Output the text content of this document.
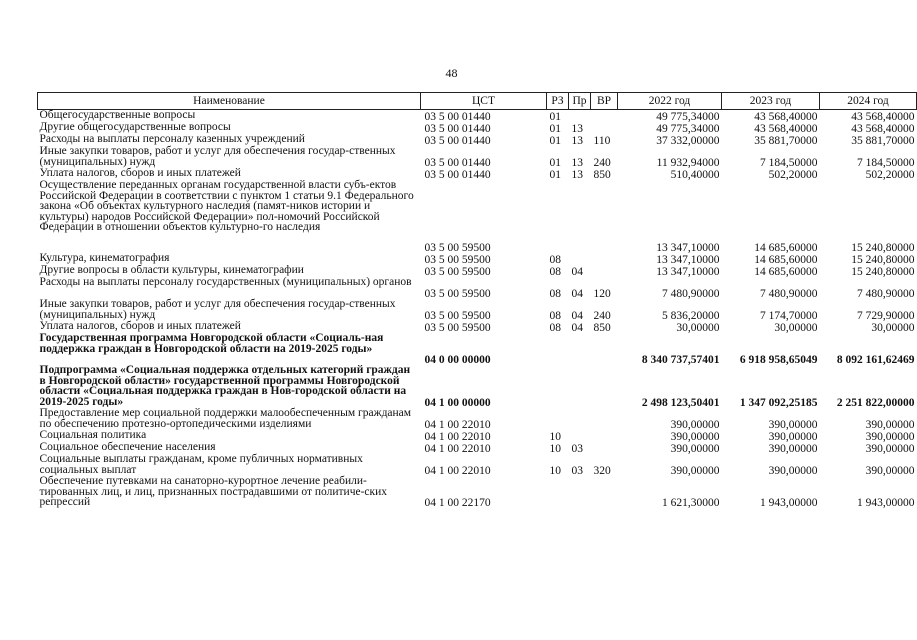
48
Наименование	ЦСТ	РЗ	Пр	ВР	2022 год	2023 год	2024 год

Общегосударственные вопросы	03 5 00 01440	01			49 775,34000	43 568,40000	43 568,40000

Другие общегосударственные вопросы	03 5 00 01440	01	13		49 775,34000	43 568,40000	43 568,40000

Расходы на выплаты персоналу казенных учреждений	03 5 00 01440	01	13	110	37 332,00000	35 881,70000	35 881,70000

Иные закупки товаров, работ и услуг для обеспечения государ-ственных (муниципальных) нужд	03 5 00 01440	01	13	240	11 932,94000	7 184,50000	7 184,50000

Уплата налогов, сборов и иных платежей	03 5 00 01440	01	13	850	510,40000	502,20000	502,20000

Осуществление переданных органам государственной власти субъ-ектов Российской Федерации в соответствии с пунктом 1 статьи 9.1 Федерального закона «Об объектах культурного наследия (памят-ников истории и культуры) народов Российской Федерации» пол-номочий Российской Федерации в отношении объектов культурно-го наследия	03 5 00 59500				13 347,10000	14 685,60000	15 240,80000

Культура, кинематография	03 5 00 59500	08			13 347,10000	14 685,60000	15 240,80000

Другие вопросы в области культуры, кинематографии	03 5 00 59500	08	04		13 347,10000	14 685,60000	15 240,80000

Расходы на выплаты персоналу государственных (муниципальных) органов	03 5 00 59500	08	04	120	7 480,90000	7 480,90000	7 480,90000

Иные закупки товаров, работ и услуг для обеспечения государ-ственных (муниципальных) нужд	03 5 00 59500	08	04	240	5 836,20000	7 174,70000	7 729,90000

Уплата налогов, сборов и иных платежей	03 5 00 59500	08	04	850	30,00000	30,00000	30,00000

Государственная программа Новгородской области «Социаль-ная поддержка граждан в Новгородской области на 2019-2025 годы»	04 0 00 00000				8 340 737,57401	6 918 958,65049	8 092 161,62469

Подпрограмма «Социальная поддержка отдельных категорий граждан в Новгородской области» государственной программы Новгородской области «Социальная поддержка граждан в Нов-городской области на 2019-2025 годы»	04 1 00 00000				2 498 123,50401	1 347 092,25185	2 251 822,00000

Предоставление мер социальной поддержки малообеспеченным гражданам по обеспечению протезно-ортопедическими изделиями	04 1 00 22010				390,00000	390,00000	390,00000

Социальная политика	04 1 00 22010	10			390,00000	390,00000	390,00000

Социальное обеспечение населения	04 1 00 22010	10	03		390,00000	390,00000	390,00000

Социальные выплаты гражданам, кроме публичных нормативных социальных выплат	04 1 00 22010	10	03	320	390,00000	390,00000	390,00000

Обеспечение путевками на санаторно-курортное лечение реабили-тированных лиц, и лиц, признанных пострадавшими от политиче-ских репрессий	04 1 00 22170				1 621,30000	1 943,00000	1 943,00000
